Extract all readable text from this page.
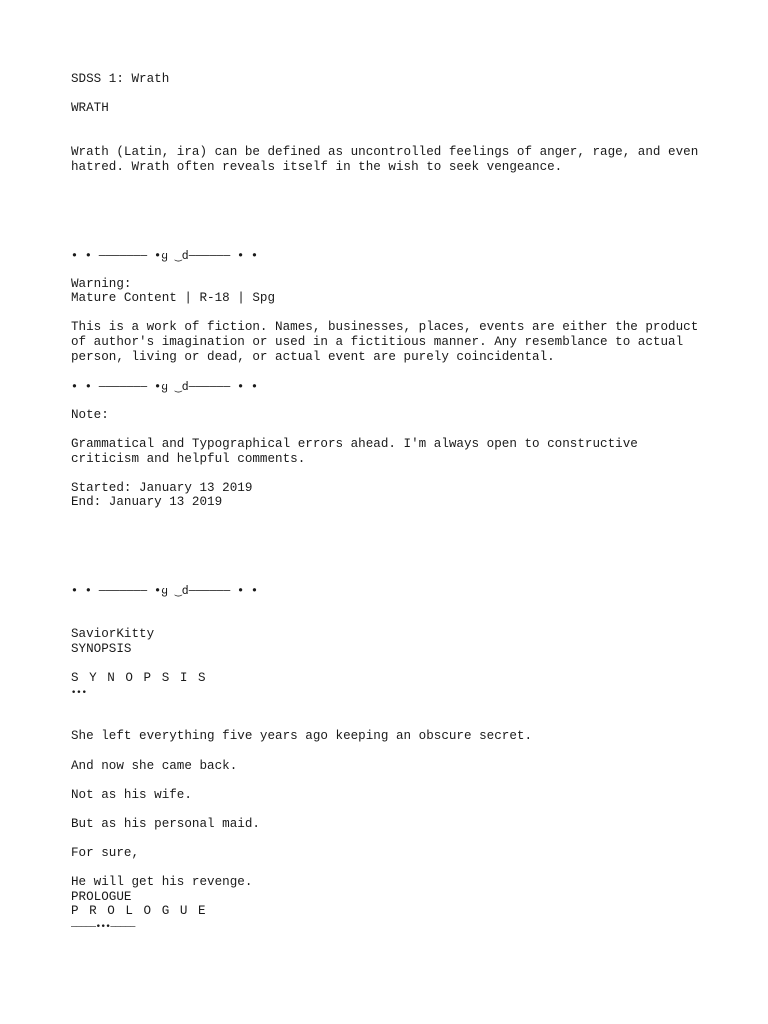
SDSS 1: Wrath
WRATH
Wrath (Latin, ira) can be defined as uncontrolled feelings of anger, rage, and even hatred. Wrath often reveals itself in the wish to seek vengeance.
• • ——————— •ყ ‿d—————— • •
Warning:
Mature Content | R-18 | Spg
This is a work of fiction. Names, businesses, places, events are either the product of author's imagination or used in a fictitious manner. Any resemblance to actual person, living or dead, or actual event are purely coincidental.
• • ——————— •ყ ‿d—————— • •
Note:
Grammatical and Typographical errors ahead. I'm always open to constructive criticism and helpful comments.
Started: January 13 2019
End: January 13 2019
• • ——————— •ყ ‿d—————— • •
SaviorKitty
SYNOPSIS
S Y N O P S I S
•••
She left everything five years ago keeping an obscure secret.
And now she came back.
Not as his wife.
But as his personal maid.
For sure,
He will get his revenge.
PROLOGUE
P R O L O G U E
—————•••—————
